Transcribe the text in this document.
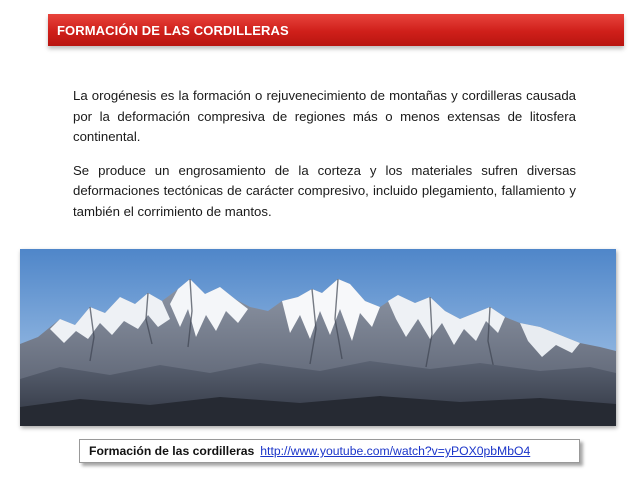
FORMACIÓN DE LAS CORDILLERAS

La orogénesis es la formación o rejuvenecimiento de montañas y cordilleras causada por la deformación compresiva de regiones más o menos extensas de litosfera continental.

Se produce un engrosamiento de la corteza y los materiales sufren diversas deformaciones tectónicas de carácter compresivo, incluido plegamiento, fallamiento y también el corrimiento de mantos.

Formación de las cordilleras http://www.youtube.com/watch?v=yPOX0pbMbO4
